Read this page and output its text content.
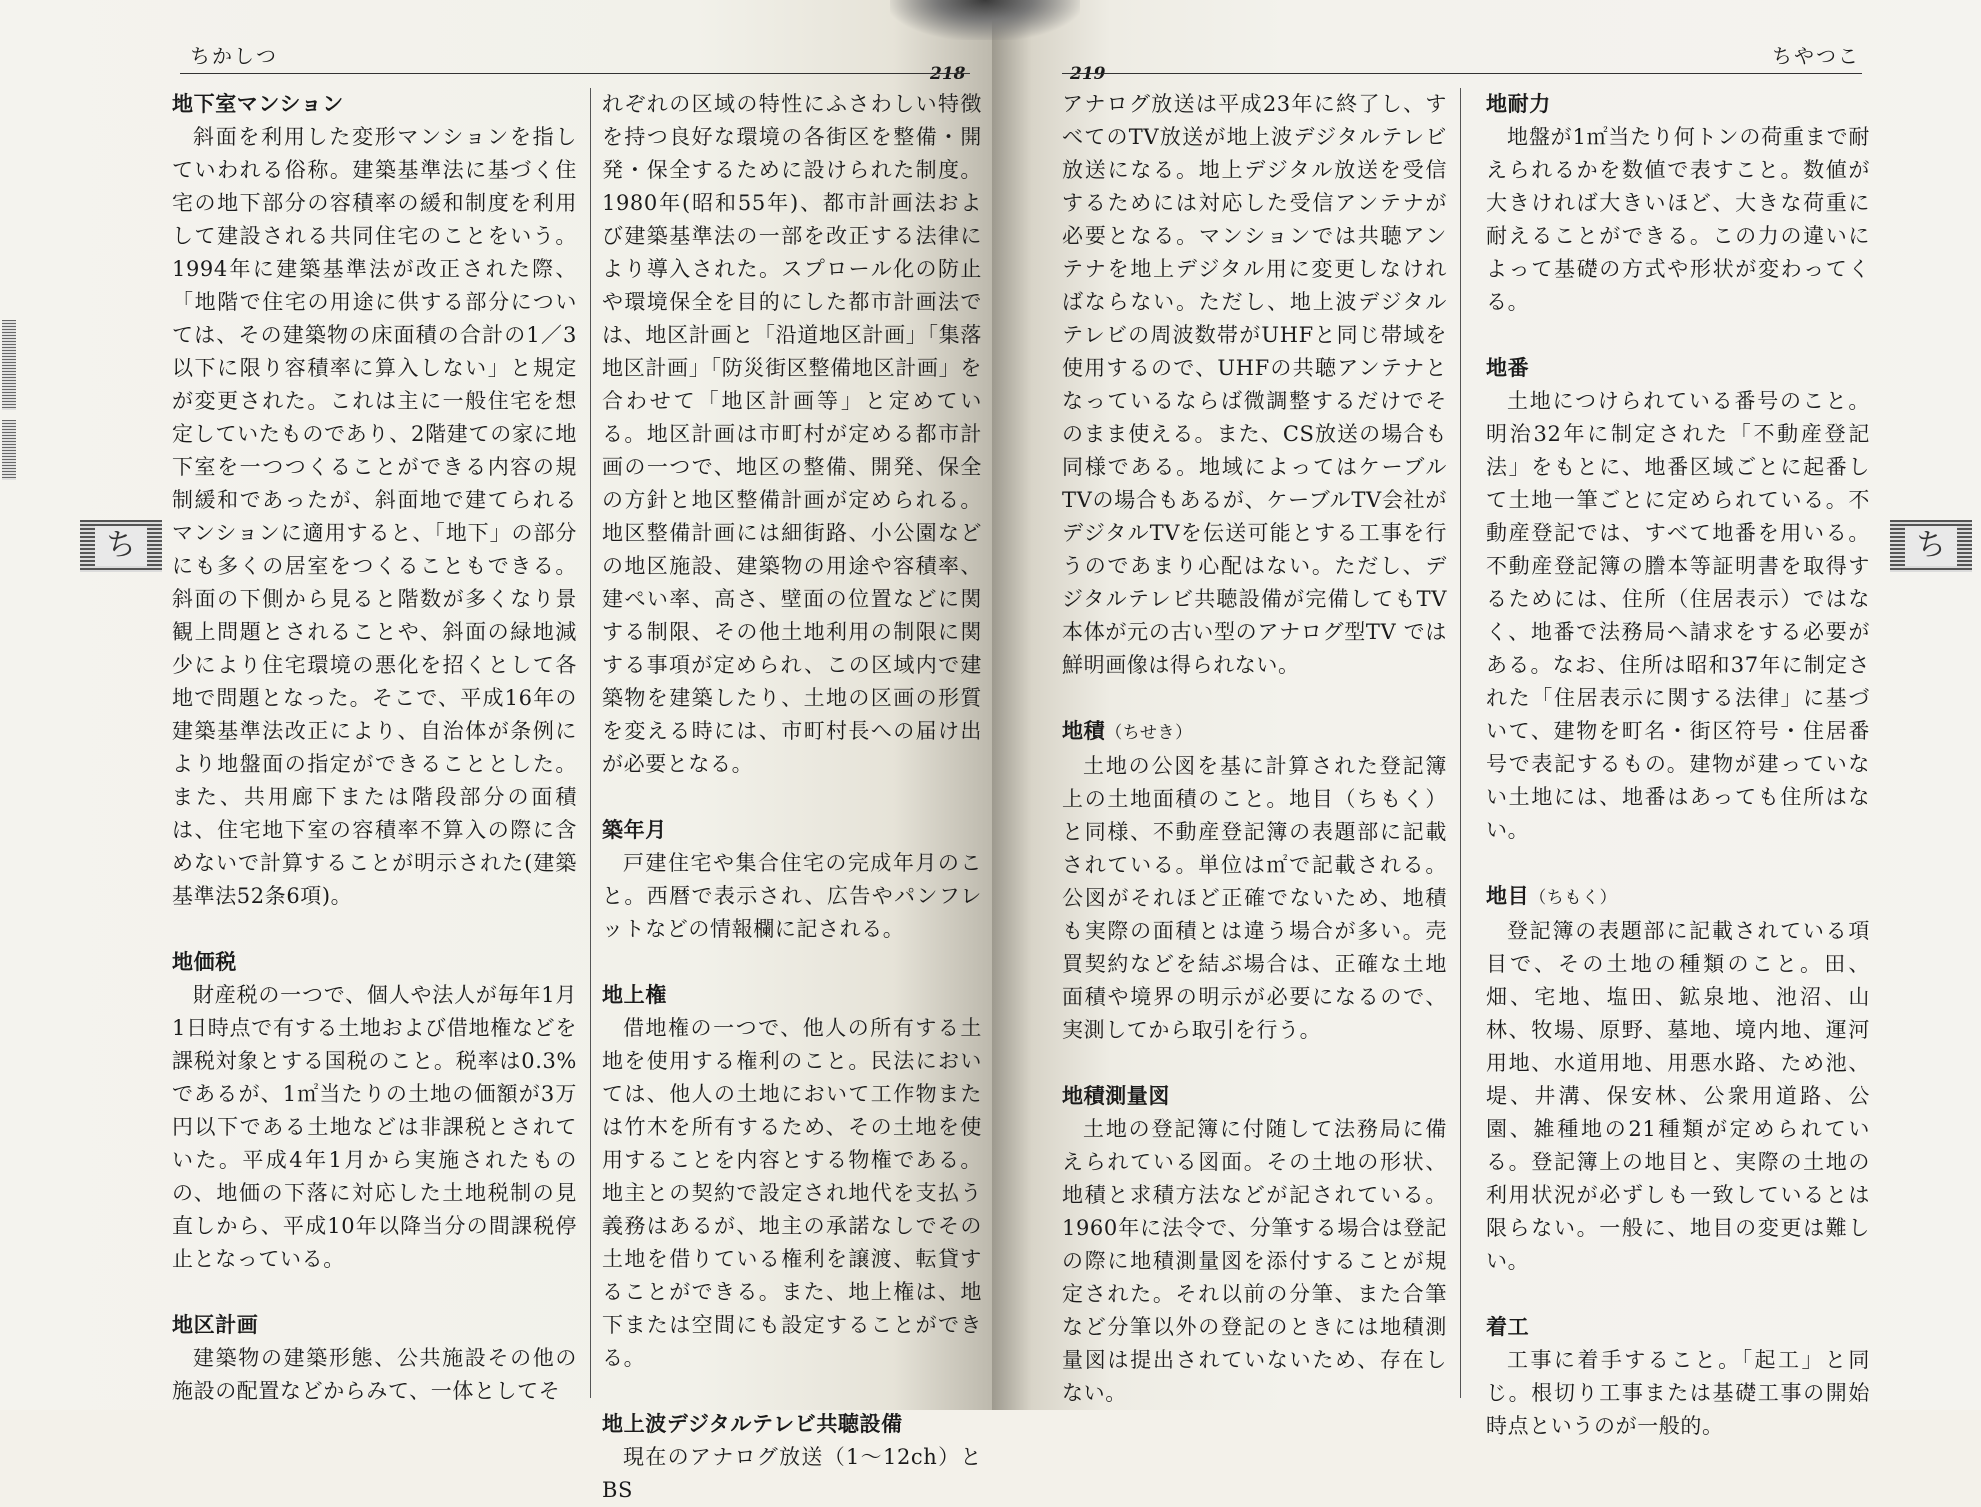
ちかしつ
218
ち

地下室マンション

斜面を利用した変形マンションを指していわれる俗称。建築基準法に基づく住宅の地下部分の容積率の緩和制度を利用して建設される共同住宅のことをいう。1994年に建築基準法が改正された際、「地階で住宅の用途に供する部分については、その建築物の床面積の合計の1／3以下に限り容積率に算入しない」と規定が変更された。これは主に一般住宅を想定していたものであり、2階建ての家に地下室を一つつくることができる内容の規制緩和であったが、斜面地で建てられるマンションに適用すると、「地下」の部分にも多くの居室をつくることもできる。斜面の下側から見ると階数が多くなり景観上問題とされることや、斜面の緑地減少により住宅環境の悪化を招くとして各地で問題となった。そこで、平成16年の建築基準法改正により、自治体が条例により地盤面の指定ができることとした。また、共用廊下または階段部分の面積は、住宅地下室の容積率不算入の際に含めないで計算することが明示された(建築基準法52条6項)。

地価税

財産税の一つで、個人や法人が毎年1月1日時点で有する土地および借地権などを課税対象とする国税のこと。税率は0.3%であるが、1㎡当たりの土地の価額が3万円以下である土地などは非課税とされていた。平成4年1月から実施されたものの、地価の下落に対応した土地税制の見直しから、平成10年以降当分の間課税停止となっている。

地区計画

建築物の建築形態、公共施設その他の施設の配置などからみて、一体としてそ

れぞれの区域の特性にふさわしい特徴を持つ良好な環境の各街区を整備・開発・保全するために設けられた制度。1980年(昭和55年)、都市計画法および建築基準法の一部を改正する法律により導入された。スプロール化の防止や環境保全を目的にした都市計画法では、地区計画と「沿道地区計画」「集落地区計画」「防災街区整備地区計画」を合わせて「地区計画等」と定めている。地区計画は市町村が定める都市計画の一つで、地区の整備、開発、保全の方針と地区整備計画が定められる。地区整備計画には細街路、小公園などの地区施設、建築物の用途や容積率、建ぺい率、高さ、壁面の位置などに関する制限、その他土地利用の制限に関する事項が定められ、この区域内で建築物を建築したり、土地の区画の形質を変える時には、市町村長への届け出が必要となる。

築年月

戸建住宅や集合住宅の完成年月のこと。西暦で表示され、広告やパンフレットなどの情報欄に記される。

地上権

借地権の一つで、他人の所有する土地を使用する権利のこと。民法においては、他人の土地において工作物または竹木を所有するため、その土地を使用することを内容とする物権である。地主との契約で設定され地代を支払う義務はあるが、地主の承諾なしでその土地を借りている権利を譲渡、転貸することができる。また、地上権は、地下または空間にも設定することができる。

地上波デジタルテレビ共聴設備

現在のアナログ放送（1～12ch）とBS

219
ちやつこ
ち

アナログ放送は平成23年に終了し、すべてのTV放送が地上波デジタルテレビ放送になる。地上デジタル放送を受信するためには対応した受信アンテナが必要となる。マンションでは共聴アンテナを地上デジタル用に変更しなければならない。ただし、地上波デジタルテレビの周波数帯がUHFと同じ帯域を使用するので、UHFの共聴アンテナとなっているならば微調整するだけでそのまま使える。また、CS放送の場合も同様である。地域によってはケーブルTVの場合もあるが、ケーブルTV会社がデジタルTVを伝送可能とする工事を行うのであまり心配はない。ただし、デジタルテレビ共聴設備が完備してもTV本体が元の古い型のアナログ型TV では鮮明画像は得られない。

地積（ちせき）

土地の公図を基に計算された登記簿上の土地面積のこと。地目（ちもく）と同様、不動産登記簿の表題部に記載されている。単位は㎡で記載される。公図がそれほど正確でないため、地積も実際の面積とは違う場合が多い。売買契約などを結ぶ場合は、正確な土地面積や境界の明示が必要になるので、実測してから取引を行う。

地積測量図

土地の登記簿に付随して法務局に備えられている図面。その土地の形状、地積と求積方法などが記されている。1960年に法令で、分筆する場合は登記の際に地積測量図を添付することが規定された。それ以前の分筆、また合筆など分筆以外の登記のときには地積測量図は提出されていないため、存在しない。

地耐力

地盤が1㎡当たり何トンの荷重まで耐えられるかを数値で表すこと。数値が大きければ大きいほど、大きな荷重に耐えることができる。この力の違いによって基礎の方式や形状が変わってくる。

地番

土地につけられている番号のこと。明治32年に制定された「不動産登記法」をもとに、地番区域ごとに起番して土地一筆ごとに定められている。不動産登記では、すべて地番を用いる。不動産登記簿の謄本等証明書を取得するためには、住所（住居表示）ではなく、地番で法務局へ請求をする必要がある。なお、住所は昭和37年に制定された「住居表示に関する法律」に基づいて、建物を町名・街区符号・住居番号で表記するもの。建物が建っていない土地には、地番はあっても住所はない。

地目（ちもく）

登記簿の表題部に記載されている項目で、その土地の種類のこと。田、畑、宅地、塩田、鉱泉地、池沼、山林、牧場、原野、墓地、境内地、運河用地、水道用地、用悪水路、ため池、堤、井溝、保安林、公衆用道路、公園、雑種地の21種類が定められている。登記簿上の地目と、実際の土地の利用状況が必ずしも一致しているとは限らない。一般に、地目の変更は難しい。

着工

工事に着手すること。「起工」と同じ。根切り工事または基礎工事の開始時点というのが一般的。
